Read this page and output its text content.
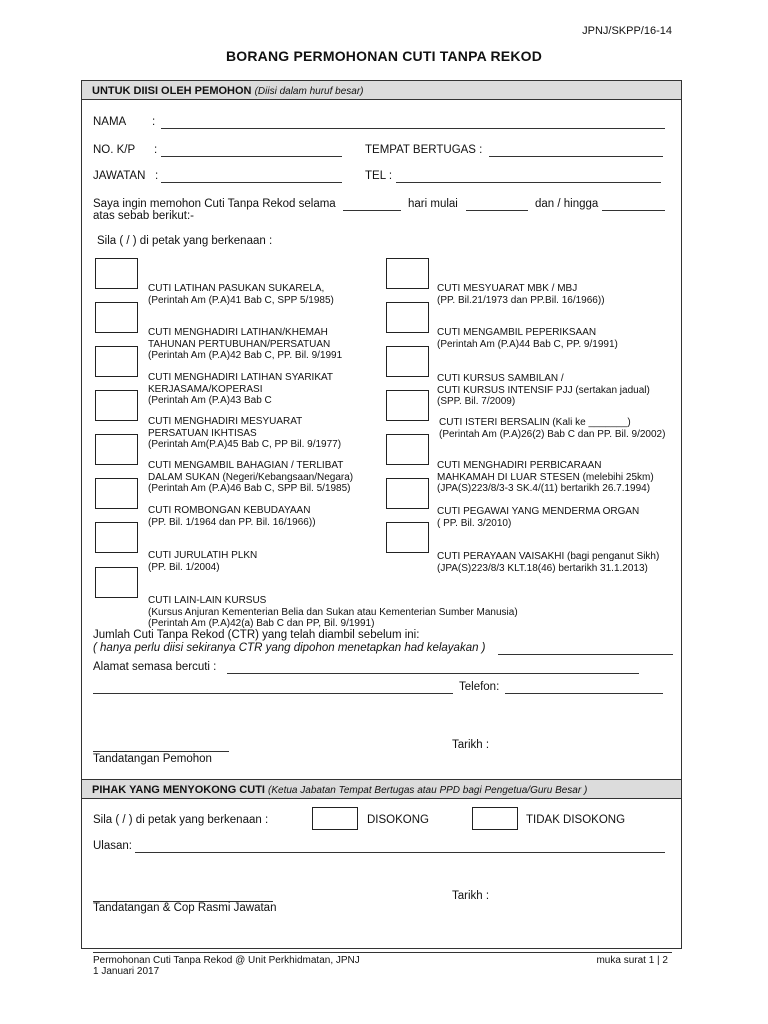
JPNJ/SKPP/16-14
BORANG PERMOHONAN CUTI TANPA REKOD
UNTUK DIISI OLEH PEMOHON (Diisi dalam huruf besar)
NAMA :
NO. K/P :	TEMPAT BERTUGAS :
JAWATAN :	TEL :
Saya ingin memohon Cuti Tanpa Rekod selama	hari mulai	dan / hingga
atas sebab berikut:-
Sila ( / ) di petak yang berkenaan :

CUTI LATIHAN PASUKAN SUKARELA,
(Perintah Am (P.A)41 Bab C, SPP 5/1985)

CUTI MENGHADIRI LATIHAN/KHEMAH
TAHUNAN PERTUBUHAN/PERSATUAN
(Perintah Am (P.A)42 Bab C, PP. Bil. 9/1991

CUTI MENGHADIRI LATIHAN SYARIKAT
KERJASAMA/KOPERASI
(Perintah Am (P.A)43 Bab C

CUTI MENGHADIRI MESYUARAT
PERSATUAN IKHTISAS
(Perintah Am(P.A)45 Bab C, PP Bil. 9/1977)

CUTI MENGAMBIL BAHAGIAN / TERLIBAT
DALAM SUKAN (Negeri/Kebangsaan/Negara)
(Perintah Am (P.A)46 Bab C, SPP Bil. 5/1985)

CUTI ROMBONGAN KEBUDAYAAN
(PP. Bil. 1/1964 dan PP. Bil. 16/1966))

CUTI JURULATIH PLKN
(PP. Bil. 1/2004)

CUTI LAIN-LAIN KURSUS
(Kursus Anjuran Kementerian Belia dan Sukan atau Kementerian Sumber Manusia)
(Perintah Am (P.A)42(a) Bab C dan PP, Bil. 9/1991)

CUTI MESYUARAT MBK / MBJ
(PP. Bil.21/1973 dan PP.Bil. 16/1966))

CUTI MENGAMBIL PEPERIKSAAN
(Perintah Am (P.A)44 Bab C, PP. 9/1991)

CUTI KURSUS SAMBILAN /
CUTI KURSUS INTENSIF PJJ (sertakan jadual)
(SPP. Bil. 7/2009)

CUTI ISTERI BERSALIN (Kali ke _______)
(Perintah Am (P.A)26(2) Bab C dan PP. Bil. 9/2002)

CUTI MENGHADIRI PERBICARAAN
MAHKAMAH DI LUAR STESEN (melebihi 25km)
(JPA(S)223/8/3-3 SK.4/(11) bertarikh 26.7.1994)

CUTI PEGAWAI YANG MENDERMA ORGAN
( PP. Bil. 3/2010)

CUTI PERAYAAN VAISAKHI (bagi penganut Sikh)
(JPA(S)223/8/3 KLT.18(46) bertarikh 31.1.2013)

Jumlah Cuti Tanpa Rekod (CTR) yang telah diambil sebelum ini:
( hanya perlu diisi sekiranya CTR yang dipohon menetapkan had kelayakan )
Alamat semasa bercuti :
Telefon:
Tandatangan Pemohon
Tarikh :
PIHAK YANG MENYOKONG CUTI (Ketua Jabatan Tempat Bertugas atau PPD bagi Pengetua/Guru Besar )
Sila ( / ) di petak yang berkenaan :	DISOKONG	TIDAK DISOKONG
Ulasan:
Tandatangan & Cop Rasmi Jawatan
Tarikh :
Permohonan Cuti Tanpa Rekod @ Unit Perkhidmatan, JPNJ
1 Januari 2017
muka surat 1 | 2
